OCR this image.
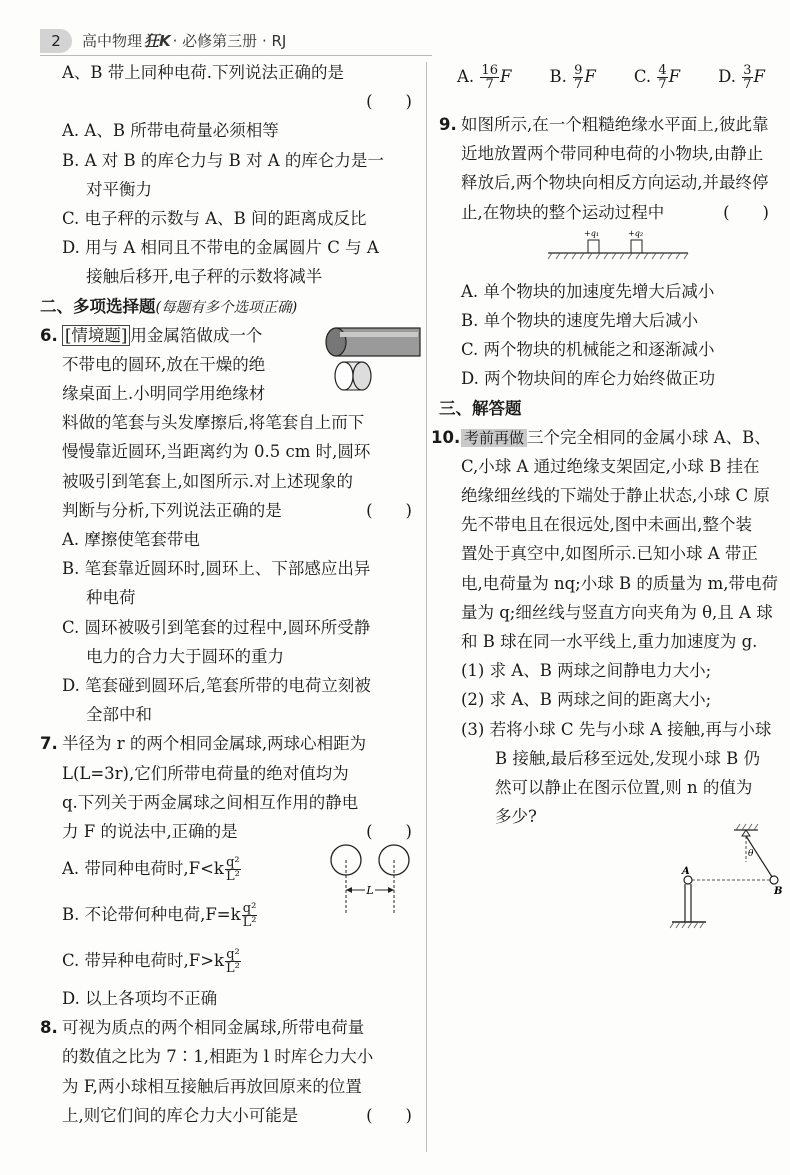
2	高中物理 狂K · 必修第三册 · RJ
A、B 带上同种电荷.下列说法正确的是
(　　)
A. A、B 所带电荷量必须相等
B. A 对 B 的库仑力与 B 对 A 的库仑力是一
对平衡力
C. 电子秤的示数与 A、B 间的距离成反比
D. 用与 A 相同且不带电的金属圆片 C 与 A
接触后移开,电子秤的示数将减半
二、多项选择题(每题有多个选项正确)
6. [情境题] 用金属箔做成一个
不带电的圆环,放在干燥的绝
缘桌面上.小明同学用绝缘材
料做的笔套与头发摩擦后,将笔套自上而下
慢慢靠近圆环,当距离约为 0.5 cm 时,圆环
被吸引到笔套上,如图所示.对上述现象的
判断与分析,下列说法正确的是	(　　)
A. 摩擦使笔套带电
B. 笔套靠近圆环时,圆环上、下部感应出异
种电荷
C. 圆环被吸引到笔套的过程中,圆环所受静
电力的合力大于圆环的重力
D. 笔套碰到圆环后,笔套所带的电荷立刻被
全部中和
7. 半径为 r 的两个相同金属球,两球心相距为
L(L=3r),它们所带电荷量的绝对值均为
q.下列关于两金属球之间相互作用的静电
力 F 的说法中,正确的是	(　　)
A. 带同种电荷时$,F<k \frac{\text{q²}}{\text{L²}}$
B. 不论带何种电荷$,F=k \frac{\text{q²}}{\text{L²}}$
C. 带异种电荷时$,F>k \frac{\text{q²}}{\text{L²}}$
D. 以上各项均不正确
8. 可视为质点的两个相同金属球,所带电荷量
的数值之比为 7∶1,相距为 l 时库仑力大小
为 F,两小球相互接触后再放回原来的位置
上,则它们间的库仑力大小可能是	(　　)
L
A. $\frac{16}{7}$ F B. $\frac{9}{7}$ F C. $\frac{4}{7}$ F D. $\frac{3}{7}$ F
9. 如图所示,在一个粗糙绝缘水平面上,彼此靠
近地放置两个带同种电荷的小物块,由静止
释放后,两个物块向相反方向运动,并最终停
止,在物块的整个运动过程中	(　　)
A. 单个物块的加速度先增大后减小
B. 单个物块的速度先增大后减小
C. 两个物块的机械能之和逐渐减小
D. 两个物块间的库仑力始终做正功
三、解答题
10. 考前再做 三个完全相同的金属小球 A、B、
C,小球 A 通过绝缘支架固定,小球 B 挂在
绝缘细丝线的下端处于静止状态,小球 C 原
先不带电且在很远处,图中未画出,整个装
置处于真空中,如图所示.已知小球 A 带正
电,电荷量为 nq;小球 B 的质量为 m,带电荷
量为 q;细丝线与竖直方向夹角为 θ,且 A 球
和 B 球在同一水平线上,重力加速度为 g.
(1) 求 A、B 两球之间静电力大小;
(2) 求 A、B 两球之间的距离大小;
(3) 若将小球 C 先与小球 A 接触,再与小球
B 接触,最后移至远处,发现小球 B 仍
然可以静止在图示位置,则 n 的值为
多少?
+q₁	+q₂
θ
B
A
